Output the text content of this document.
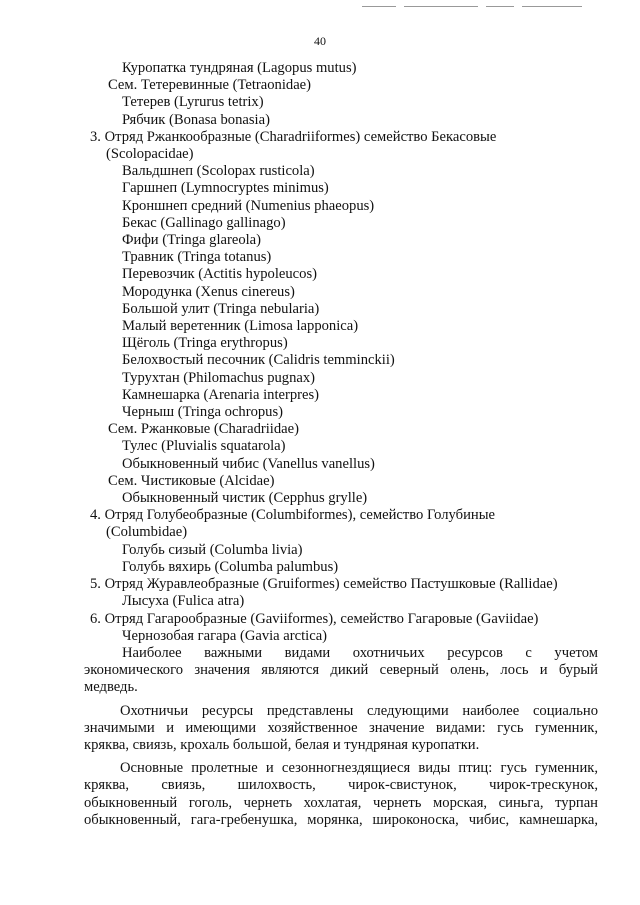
40
Куропатка тундряная (Lagopus mutus)
Сем. Тетеревинные (Tetraonidae)
Тетерев (Lyrurus tetrix)
Рябчик (Bonasa bonasia)
3. Отряд Ржанкообразные (Charadriiformes) семейство Бекасовые
(Scolopacidae)
Вальдшнеп (Scolopax rusticola)
Гаршнеп (Lymnocryptes minimus)
Кроншнеп средний (Numenius phaeopus)
Бекас (Gallinago gallinago)
Фифи (Tringa glareola)
Травник (Tringa totanus)
Перевозчик (Actitis hypoleucos)
Мородунка (Xenus cinereus)
Большой улит (Tringa nebularia)
Малый веретенник (Limosa lapponica)
Щёголь (Tringa erythropus)
Белохвостый песочник (Calidris temminckii)
Турухтан (Philomachus pugnax)
Камнешарка (Arenaria interpres)
Черныш (Tringa ochropus)
Сем. Ржанковые (Charadriidae)
Тулес (Pluvialis squatarola)
Обыкновенный чибис (Vanellus vanellus)
Сем. Чистиковые (Alcidae)
Обыкновенный чистик (Cepphus grylle)
4. Отряд Голубеобразные (Columbiformes), семейство Голубиные
(Columbidae)
Голубь сизый (Columba livia)
Голубь вяхирь (Columba palumbus)
5. Отряд Журавлеобразные (Gruiformes) семейство Пастушковые (Rallidae)
Лысуха (Fulica atra)
6. Отряд Гагарообразные (Gaviiformes), семейство Гагаровые (Gaviidae)
Чернозобая гагара (Gavia arctica)
Наиболее важными видами охотничьих ресурсов с учетом
экономического значения являются дикий северный олень, лось и бурый
медведь.
Охотничьи ресурсы представлены следующими наиболее социально
значимыми и имеющими хозяйственное значение видами: гусь гуменник,
кряква, свиязь, крохаль большой, белая и тундряная куропатки.
Основные пролетные и сезонногнездящиеся виды птиц: гусь гуменник,
кряква, свиязь, шилохвость, чирок-свистунок, чирок-трескунок,
обыкновенный гоголь, чернеть хохлатая, чернеть морская, синьга, турпан
обыкновенный, гага-гребенушка, морянка, широконоска, чибис, камнешарка,
